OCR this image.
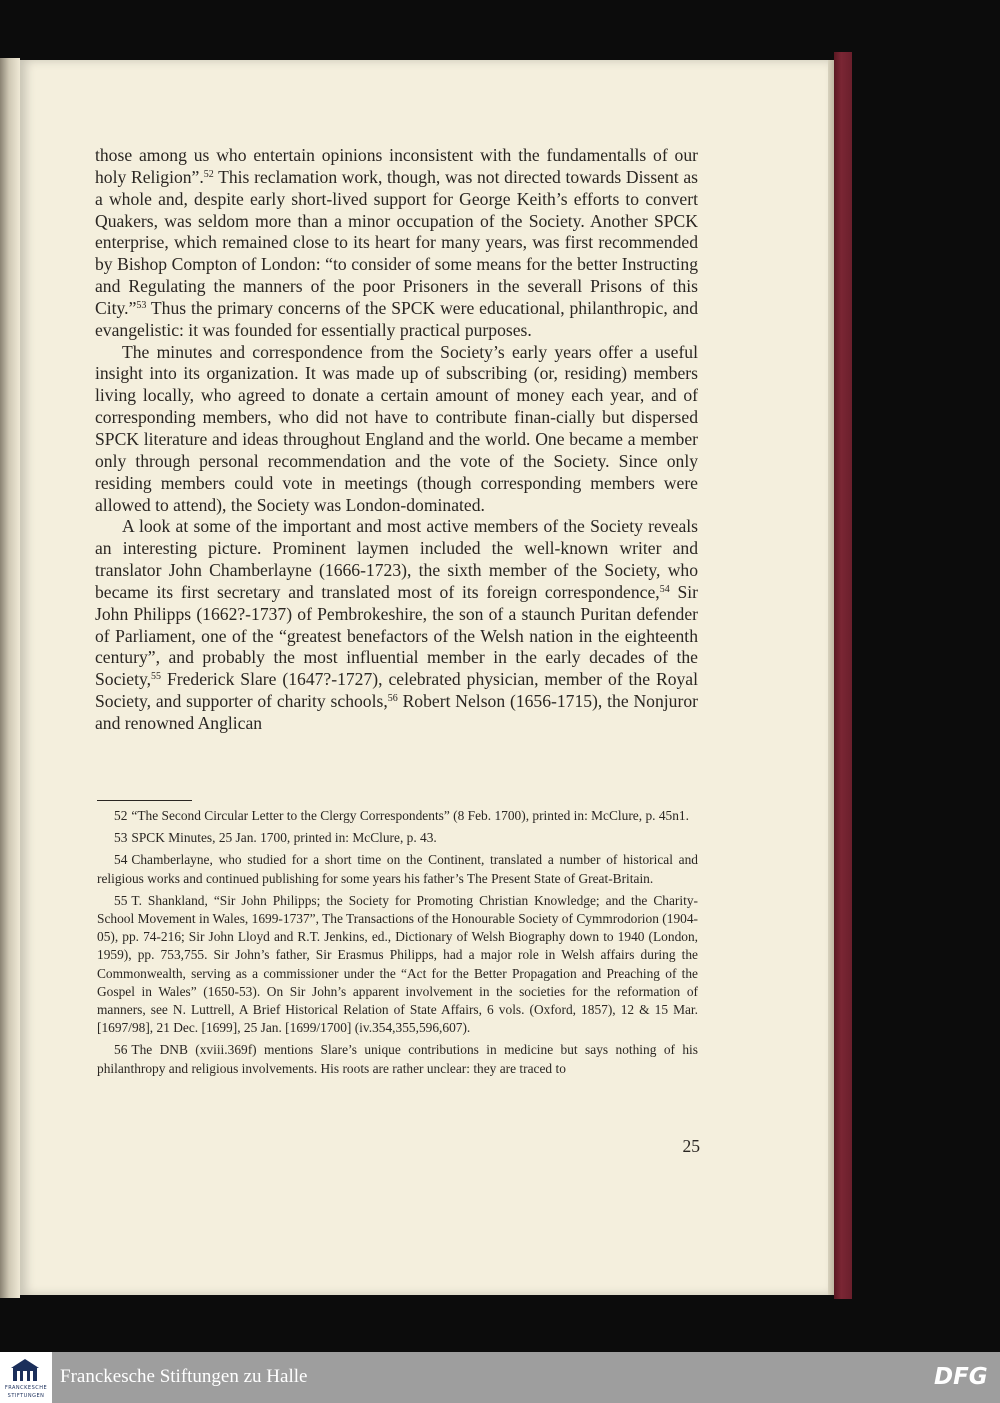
those among us who entertain opinions inconsistent with the fundamentalls of our holy Religion”.$^{52}$ This reclamation work, though, was not directed towards Dissent as a whole and, despite early short-lived support for George Keith’s efforts to convert Quakers, was seldom more than a minor occupation of the Society. Another SPCK enterprise, which remained close to its heart for many years, was first recommended by Bishop Compton of London: “to consider of some means for the better Instructing and Regulating the manners of the poor Prisoners in the severall Prisons of this City.”$^{53}$ Thus the primary concerns of the SPCK were educational, philanthropic, and evangelistic: it was founded for essentially practical purposes.

The minutes and correspondence from the Society’s early years offer a useful insight into its organization. It was made up of subscribing (or, residing) members living locally, who agreed to donate a certain amount of money each year, and of corresponding members, who did not have to contribute finan-cially but dispersed SPCK literature and ideas throughout England and the world. One became a member only through personal recommendation and the vote of the Society. Since only residing members could vote in meetings (though corresponding members were allowed to attend), the Society was London-dominated.

A look at some of the important and most active members of the Society reveals an interesting picture. Prominent laymen included the well-known writer and translator John Chamberlayne (1666-1723), the sixth member of the Society, who became its first secretary and translated most of its foreign correspondence,$^{54}$ Sir John Philipps (1662?-1737) of Pembrokeshire, the son of a staunch Puritan defender of Parliament, one of the “greatest benefactors of the Welsh nation in the eighteenth century”, and probably the most influential member in the early decades of the Society,$^{55}$ Frederick Slare (1647?-1727), celebrated physician, member of the Royal Society, and supporter of charity schools,$^{56}$ Robert Nelson (1656-1715), the Nonjuror and renowned Anglican

52 “The Second Circular Letter to the Clergy Correspondents” (8 Feb. 1700), printed in: McClure, p. 45n1.

53 SPCK Minutes, 25 Jan. 1700, printed in: McClure, p. 43.

54 Chamberlayne, who studied for a short time on the Continent, translated a number of historical and religious works and continued publishing for some years his father’s The Present State of Great-Britain.

55 T. Shankland, “Sir John Philipps; the Society for Promoting Christian Knowledge; and the Charity-School Movement in Wales, 1699-1737”, The Transactions of the Honourable Society of Cymmrodorion (1904-05), pp. 74-216; Sir John Lloyd and R.T. Jenkins, ed., Dictionary of Welsh Biography down to 1940 (London, 1959), pp. 753,755. Sir John’s father, Sir Erasmus Philipps, had a major role in Welsh affairs during the Commonwealth, serving as a commissioner under the “Act for the Better Propagation and Preaching of the Gospel in Wales” (1650-53). On Sir John’s apparent involvement in the societies for the reformation of manners, see N. Luttrell, A Brief Historical Relation of State Affairs, 6 vols. (Oxford, 1857), 12 & 15 Mar. [1697/98], 21 Dec. [1699], 25 Jan. [1699/1700] (iv.354,355,596,607).

56 The DNB (xviii.369f) mentions Slare’s unique contributions in medicine but says nothing of his philanthropy and religious involvements. His roots are rather unclear: they are traced to

25
FRANCKESCHE
STIFTUNGEN
Franckesche Stiftungen zu Halle	DFG
